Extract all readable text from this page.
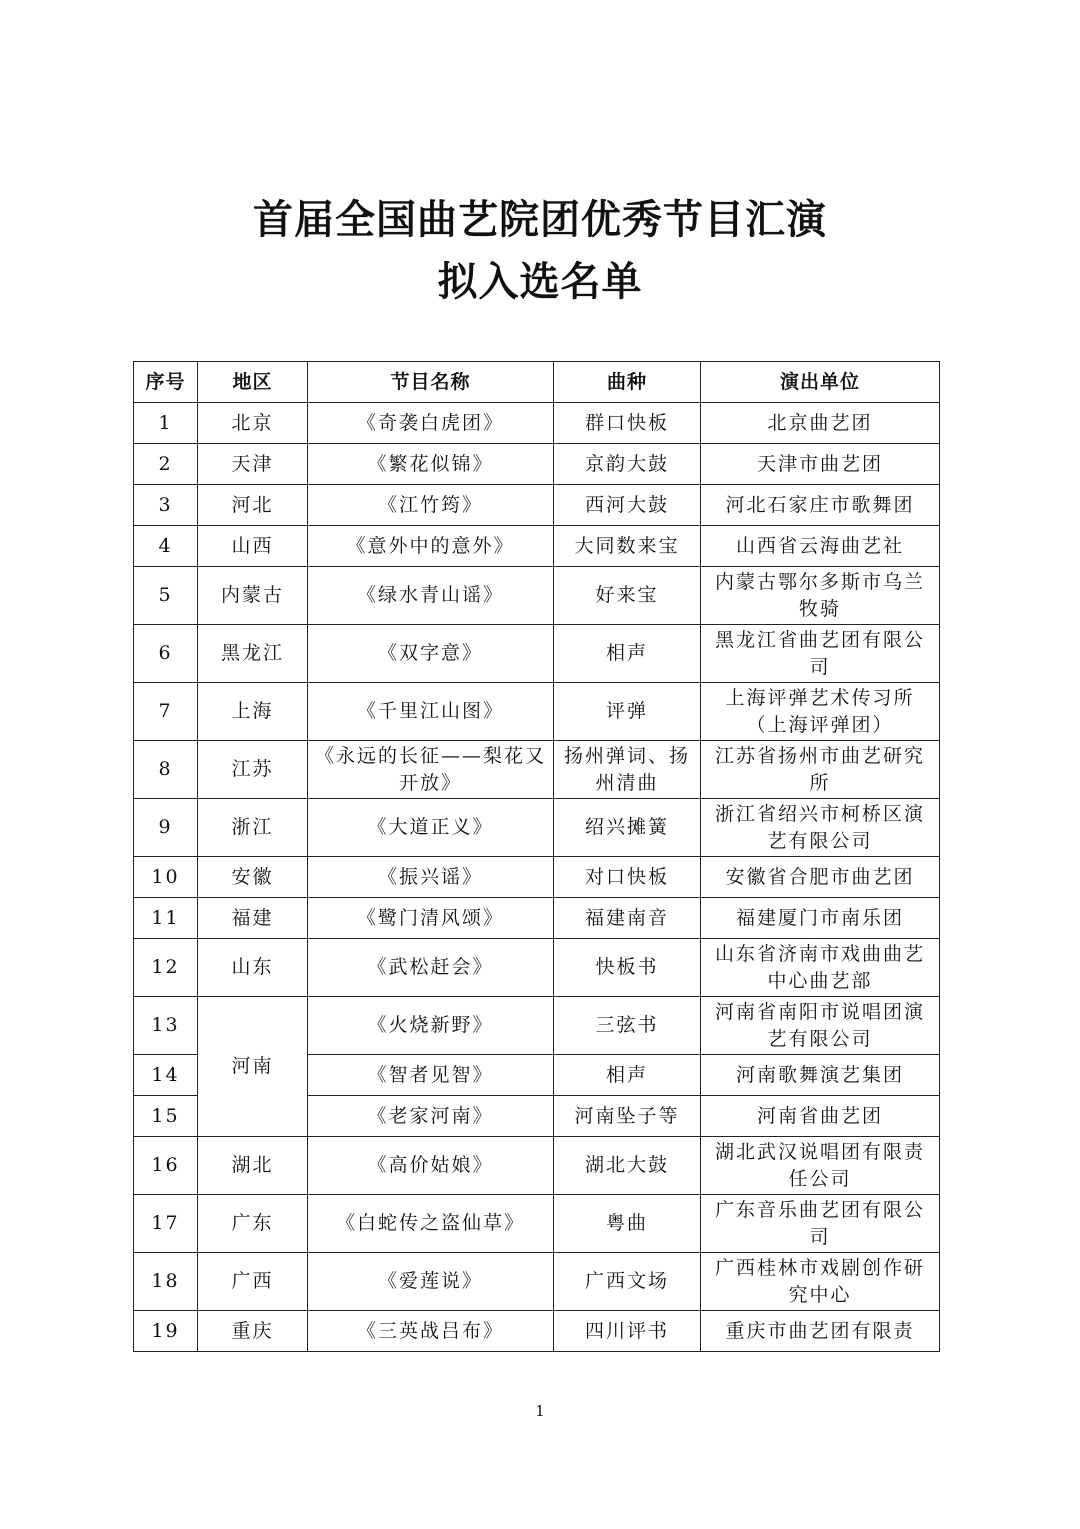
首届全国曲艺院团优秀节目汇演
拟入选名单
序号	地区	节目名称	曲种	演出单位
1	北京	《奇袭白虎团》	群口快板	北京曲艺团
2	天津	《繁花似锦》	京韵大鼓	天津市曲艺团
3	河北	《江竹筠》	西河大鼓	河北石家庄市歌舞团
4	山西	《意外中的意外》	大同数来宝	山西省云海曲艺社
5	内蒙古	《绿水青山谣》	好来宝	内蒙古鄂尔多斯市乌兰牧骑
6	黑龙江	《双字意》	相声	黑龙江省曲艺团有限公司
7	上海	《千里江山图》	评弹	上海评弹艺术传习所（上海评弹团）
8	江苏	《永远的长征——梨花又开放》	扬州弹词、扬州清曲	江苏省扬州市曲艺研究所
9	浙江	《大道正义》	绍兴摊簧	浙江省绍兴市柯桥区演艺有限公司
10	安徽	《振兴谣》	对口快板	安徽省合肥市曲艺团
11	福建	《鹭门清风颂》	福建南音	福建厦门市南乐团
12	山东	《武松赶会》	快板书	山东省济南市戏曲曲艺中心曲艺部
13	河南	《火烧新野》	三弦书	河南省南阳市说唱团演艺有限公司
14		《智者见智》	相声	河南歌舞演艺集团
15		《老家河南》	河南坠子等	河南省曲艺团
16	湖北	《高价姑娘》	湖北大鼓	湖北武汉说唱团有限责任公司
17	广东	《白蛇传之盗仙草》	粤曲	广东音乐曲艺团有限公司
18	广西	《爱莲说》	广西文场	广西桂林市戏剧创作研究中心
19	重庆	《三英战吕布》	四川评书	重庆市曲艺团有限责
1
